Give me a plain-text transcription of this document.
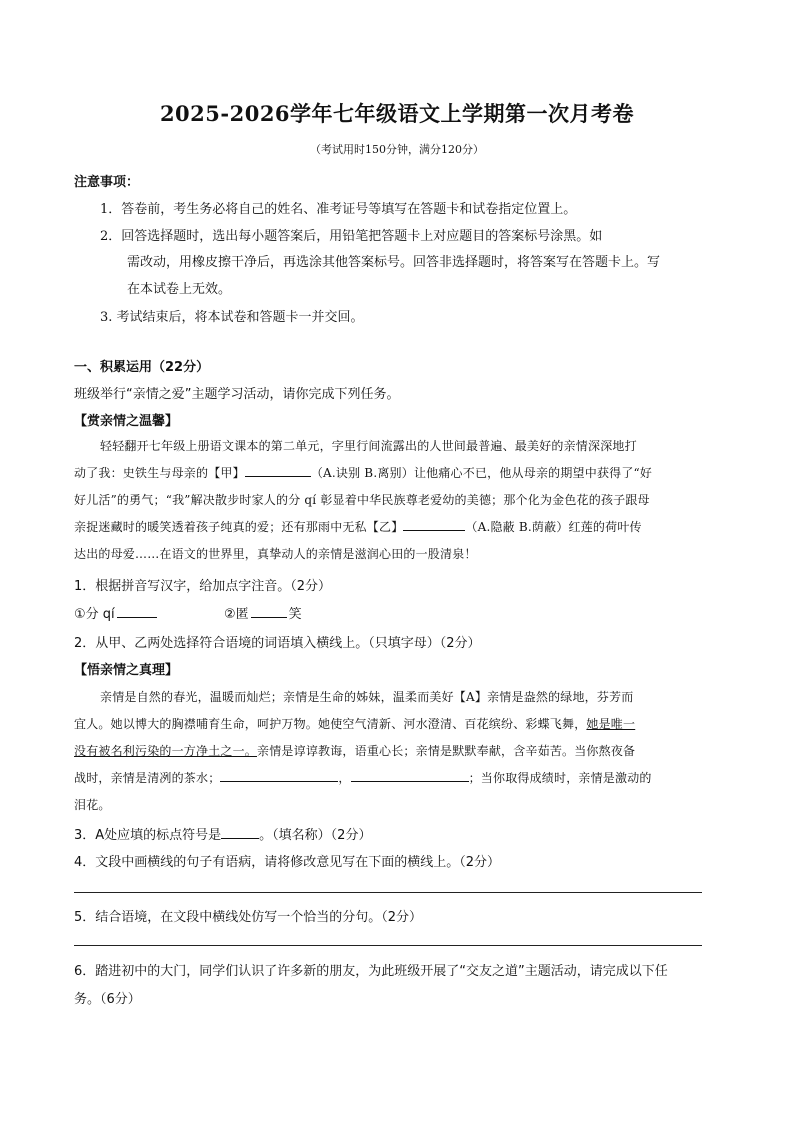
2025-2026学年七年级语文上学期第一次月考卷
（考试用时150分钟，满分120分）
注意事项：
1．答卷前，考生务必将自己的姓名、准考证号等填写在答题卡和试卷指定位置上。
2．回答选择题时，选出每小题答案后，用铅笔把答题卡上对应题目的答案标号涂黑。如
需改动，用橡皮擦干净后，再选涂其他答案标号。回答非选择题时，将答案写在答题卡上。写
在本试卷上无效。
3. 考试结束后，将本试卷和答题卡一并交回。
一、积累运用（22分）
班级举行“亲情之爱”主题学习活动，请你完成下列任务。
【赏亲情之温馨】
轻轻翻开七年级上册语文课本的第二单元，字里行间流露出的人世间最普遍、最美好的亲情深深地打
动了我：史铁生与母亲的【甲】	（A.诀别 B.离别）让他痛心不已，他从母亲的期望中获得了“好
好儿活”的勇气；“我”解决散步时家人的分 qí 彰显着中华民族尊老爱幼的美德；那个化为金色花的孩子跟母
亲捉迷藏时的暖笑透着孩子纯真的爱；还有那雨中无私【乙】	（A.隐蔽 B.荫蔽）红莲的荷叶传
达出的母爱……在语文的世界里，真挚动人的亲情是滋润心田的一股清泉！
1．根据拼音写汉字，给加点字注音。（2分）
①分 qí	②匿	笑
2．从甲、乙两处选择符合语境的词语填入横线上。（只填字母）（2分）
【悟亲情之真理】
亲情是自然的春光，温暖而灿烂；亲情是生命的姊妹，温柔而美好【A】亲情是盎然的绿地，芬芳而
宜人。她以博大的胸襟哺育生命，呵护万物。她使空气清新、河水澄清、百花缤纷、彩蝶飞舞，她是唯一
没有被名利污染的一方净土之一。亲情是谆谆教诲，语重心长；亲情是默默奉献，含辛茹苦。当你熬夜备
战时，亲情是清冽的茶水；	，	；当你取得成绩时，亲情是激动的
泪花。
3．A处应填的标点符号是	。（填名称）（2分）
4．文段中画横线的句子有语病，请将修改意见写在下面的横线上。（2分）
5．结合语境，在文段中横线处仿写一个恰当的分句。（2分）
6．踏进初中的大门，同学们认识了许多新的朋友，为此班级开展了“交友之道”主题活动，请完成以下任
务。（6分）
